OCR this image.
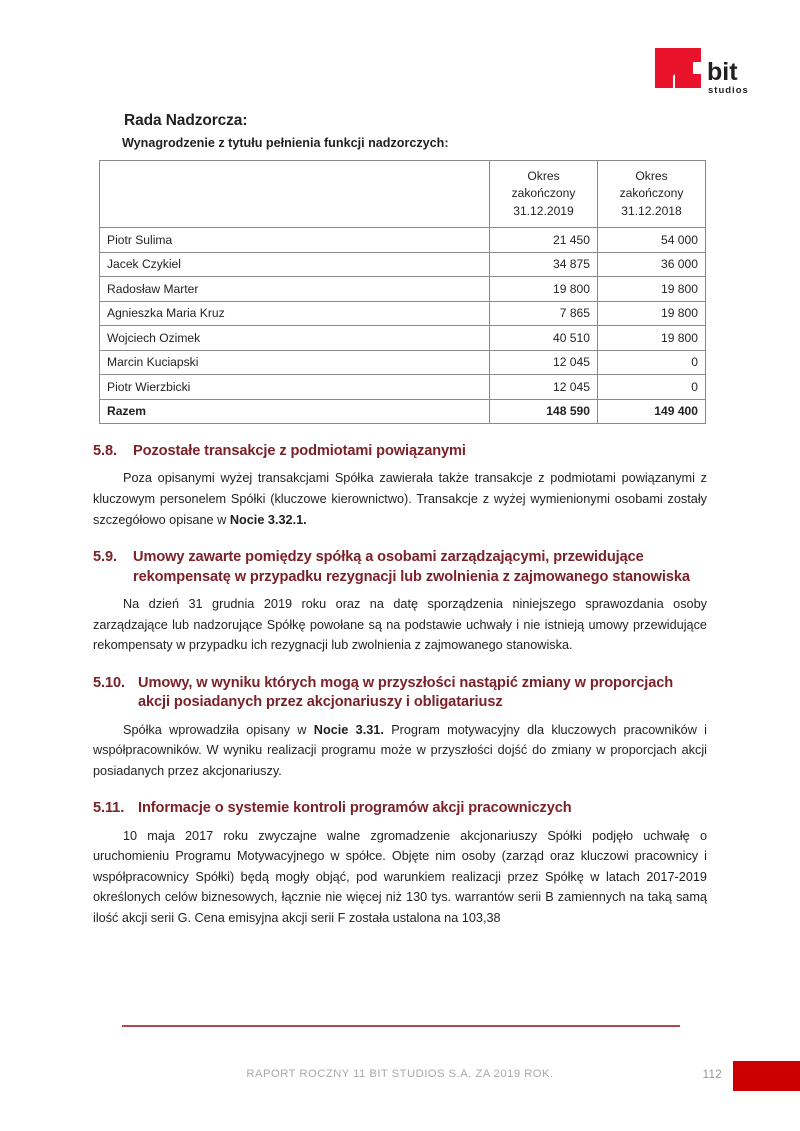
bit
studios
Rada Nadzorcza:
Wynagrodzenie z tytułu pełnienia funkcji nadzorczych:

Okres
zakończony
31.12.2019

Okres
zakończony
31.12.2018

Piotr Sulima	21 450	54 000
Jacek Czykiel	34 875	36 000
Radosław Marter	19 800	19 800
Agnieszka Maria Kruz	7 865	19 800
Wojciech Ozimek	40 510	19 800
Marcin Kuciapski	12 045	0
Piotr Wierzbicki	12 045	0
Razem	148 590	149 400
5.8.	Pozostałe transakcje z podmiotami powiązanymi

Poza opisanymi wyżej transakcjami Spółka zawierała także transakcje z podmiotami powiązanymi z kluczowym personelem Spółki (kluczowe kierownictwo). Transakcje z wyżej wymienionymi osobami zostały szczegółowo opisane w Nocie 3.32.1.

5.9.	Umowy zawarte pomiędzy spółką a osobami zarządzającymi, przewidujące rekompensatę w przypadku rezygnacji lub zwolnienia z zajmowanego stanowiska

Na dzień 31 grudnia 2019 roku oraz na datę sporządzenia niniejszego sprawozdania osoby zarządzające lub nadzorujące Spółkę powołane są na podstawie uchwały i nie istnieją umowy przewidujące rekompensaty w przypadku ich rezygnacji lub zwolnienia z zajmowanego stanowiska.

5.10. Umowy, w wyniku których mogą w przyszłości nastąpić zmiany w proporcjach akcji posiadanych przez akcjonariuszy i obligatariusz

Spółka wprowadziła opisany w Nocie 3.31. Program motywacyjny dla kluczowych pracowników i współpracowników. W wyniku realizacji programu może w przyszłości dojść do zmiany w proporcjach akcji posiadanych przez akcjonariuszy.

5.11. Informacje o systemie kontroli programów akcji pracowniczych

10 maja 2017 roku zwyczajne walne zgromadzenie akcjonariuszy Spółki podjęło uchwałę o uruchomieniu Programu Motywacyjnego w spółce. Objęte nim osoby (zarząd oraz kluczowi pracownicy i współpracownicy Spółki) będą mogły objąć, pod warunkiem realizacji przez Spółkę w latach 2017-2019 określonych celów biznesowych, łącznie nie więcej niż 130 tys. warrantów serii B zamiennych na taką samą ilość akcji serii G. Cena emisyjna akcji serii F została ustalona na 103,38

RAPORT ROCZNY 11 BIT STUDIOS S.A. ZA 2019 ROK.	112
